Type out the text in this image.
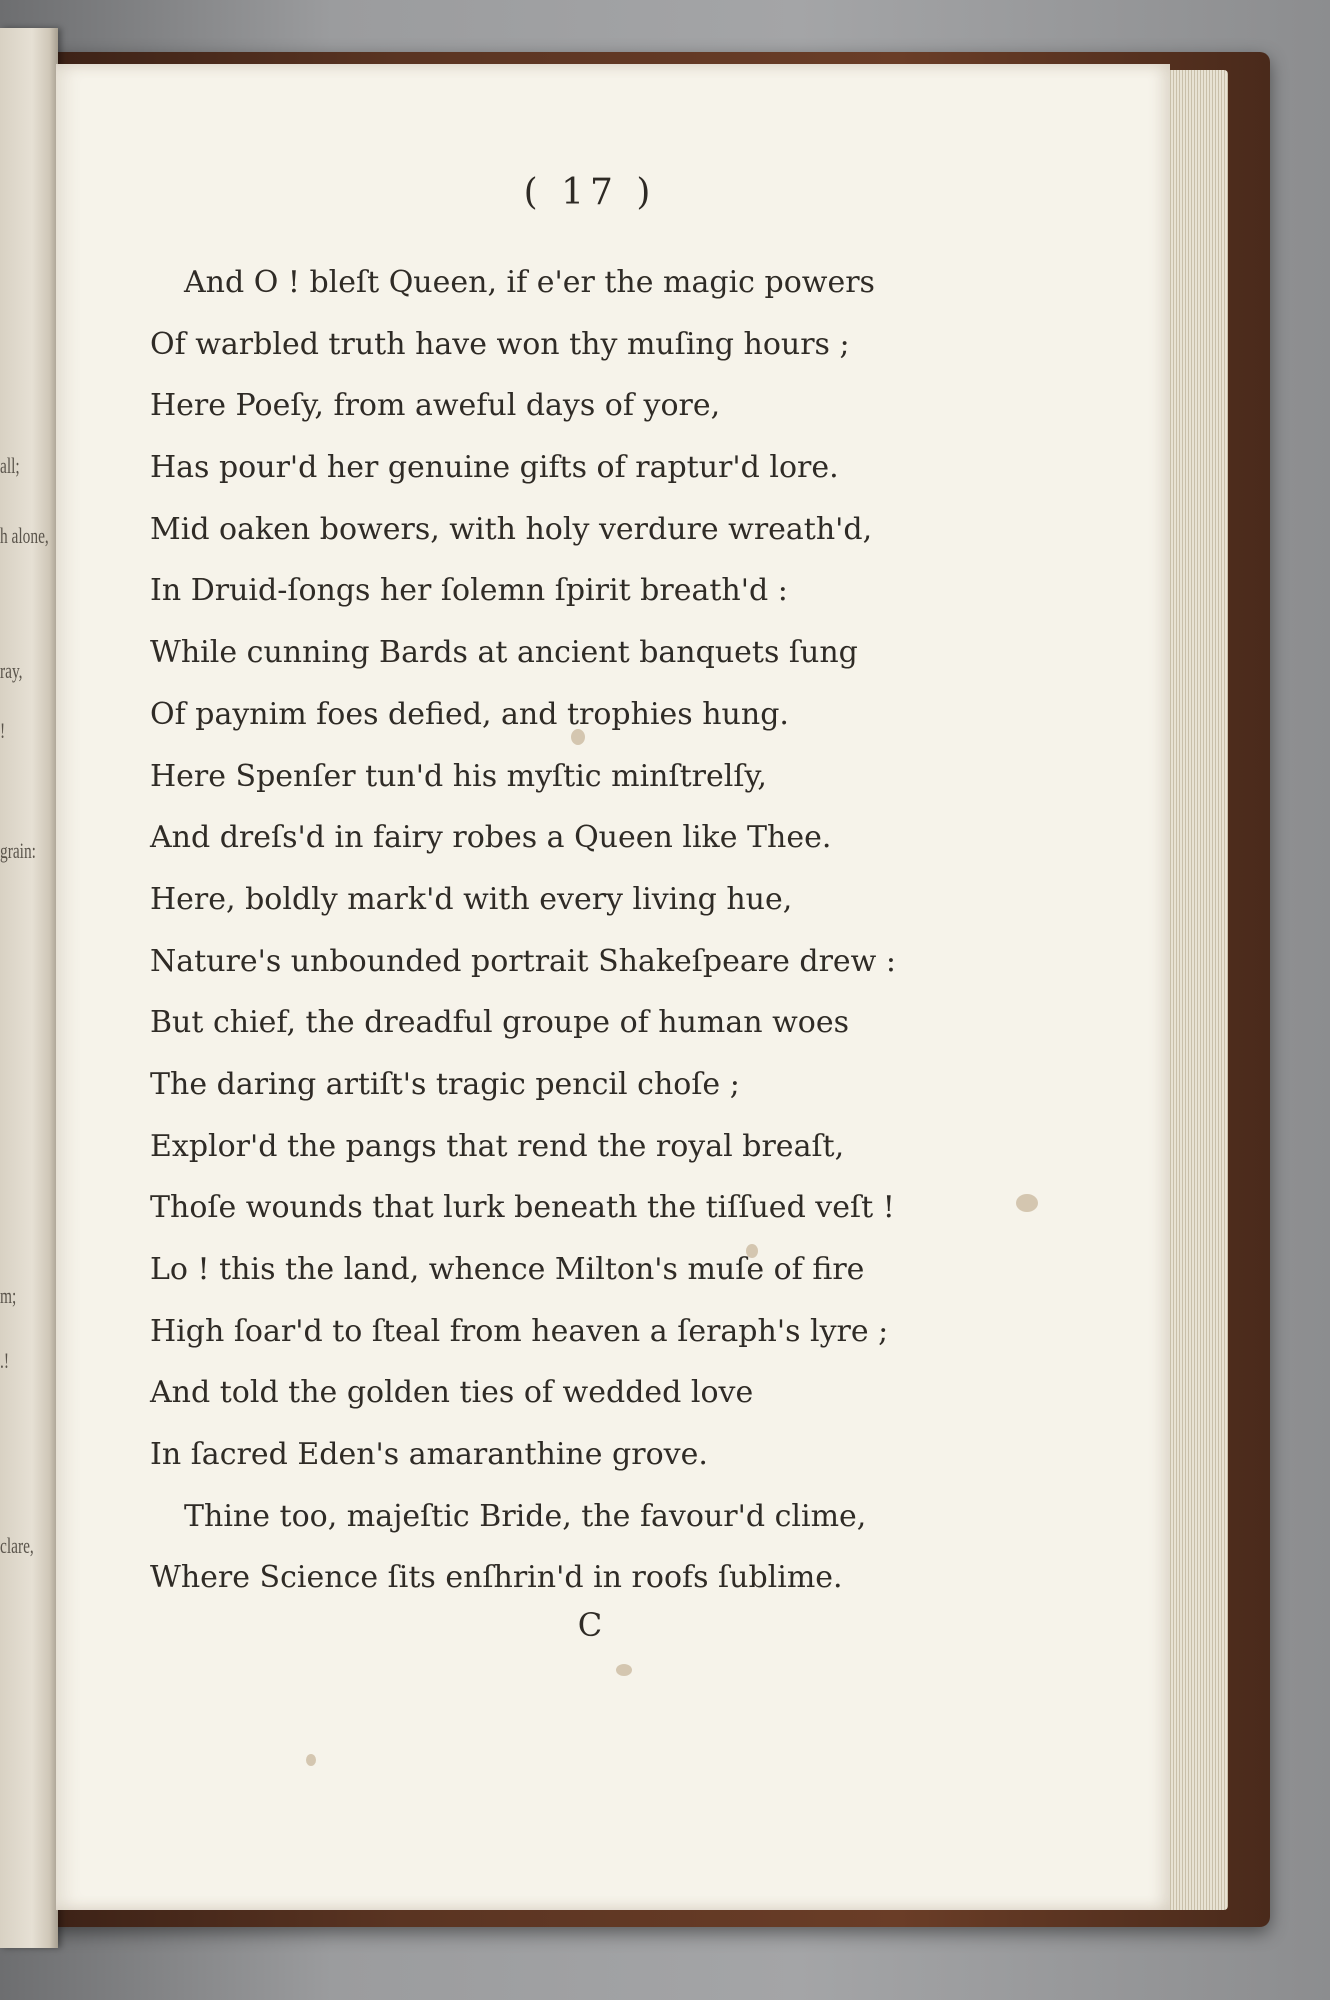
all;
h alone,
ray,
!
grain:
m;
.!
clare,
( 17 )
And O ! bleſt Queen, if e'er the magic powers
Of warbled truth have won thy muſing hours ;
Here Poeſy, from aweful days of yore,
Has pour'd her genuine gifts of raptur'd lore.
Mid oaken bowers, with holy verdure wreath'd,
In Druid-ſongs her ſolemn ſpirit breath'd :
While cunning Bards at ancient banquets ſung
Of paynim foes defied, and trophies hung.
Here Spenſer tun'd his myſtic minſtrelſy,
And dreſs'd in fairy robes a Queen like Thee.
Here, boldly mark'd with every living hue,
Nature's unbounded portrait Shakeſpeare drew :
But chief, the dreadful groupe of human woes
The daring artiſt's tragic pencil choſe ;
Explor'd the pangs that rend the royal breaſt,
Thoſe wounds that lurk beneath the tiſſued veſt !
Lo ! this the land, whence Milton's muſe of fire
High ſoar'd to ſteal from heaven a ſeraph's lyre ;
And told the golden ties of wedded love
In ſacred Eden's amaranthine grove.
Thine too, majeſtic Bride, the favour'd clime,
Where Science ſits enſhrin'd in roofs ſublime.
C
